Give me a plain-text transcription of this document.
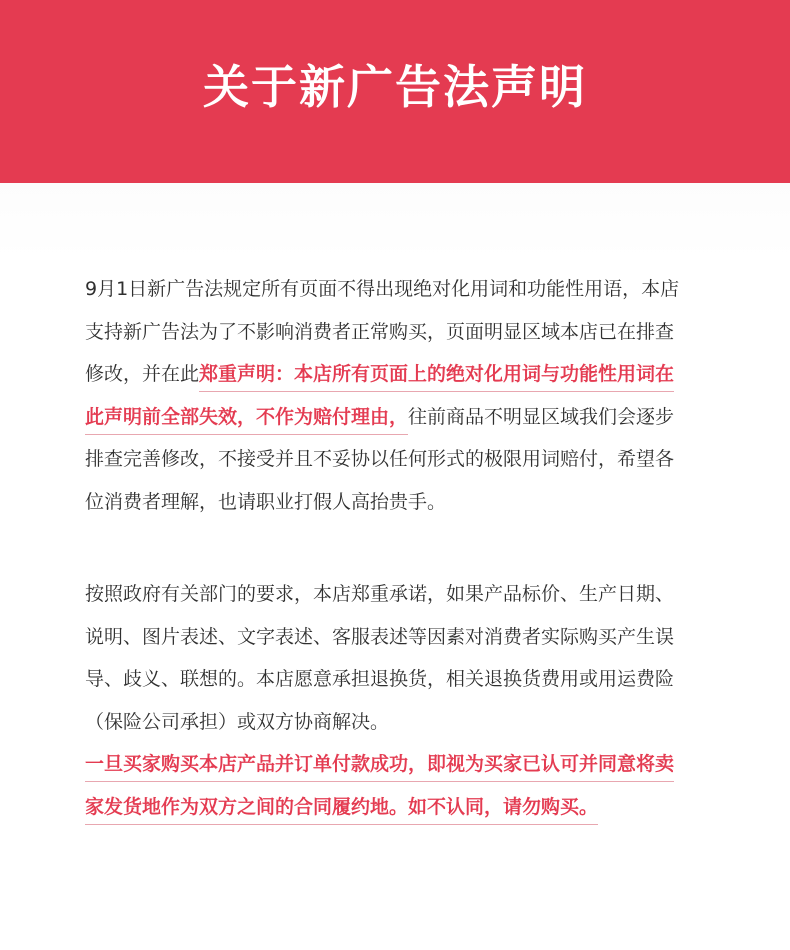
关于新广告法声明
9月1日新广告法规定所有页面不得出现绝对化用词和功能性用语，本店
支持新广告法为了不影响消费者正常购买，页面明显区域本店已在排查
修改，并在此郑重声明：本店所有页面上的绝对化用词与功能性用词在
此声明前全部失效，不作为赔付理由，往前商品不明显区域我们会逐步
排查完善修改，不接受并且不妥协以任何形式的极限用词赔付，希望各
位消费者理解，也请职业打假人高抬贵手。
按照政府有关部门的要求，本店郑重承诺，如果产品标价、生产日期、
说明、图片表述、文字表述、客服表述等因素对消费者实际购买产生误
导、歧义、联想的。本店愿意承担退换货，相关退换货费用或用运费险
（保险公司承担）或双方协商解决。
一旦买家购买本店产品并订单付款成功，即视为买家已认可并同意将卖
家发货地作为双方之间的合同履约地。如不认同，请勿购买。
